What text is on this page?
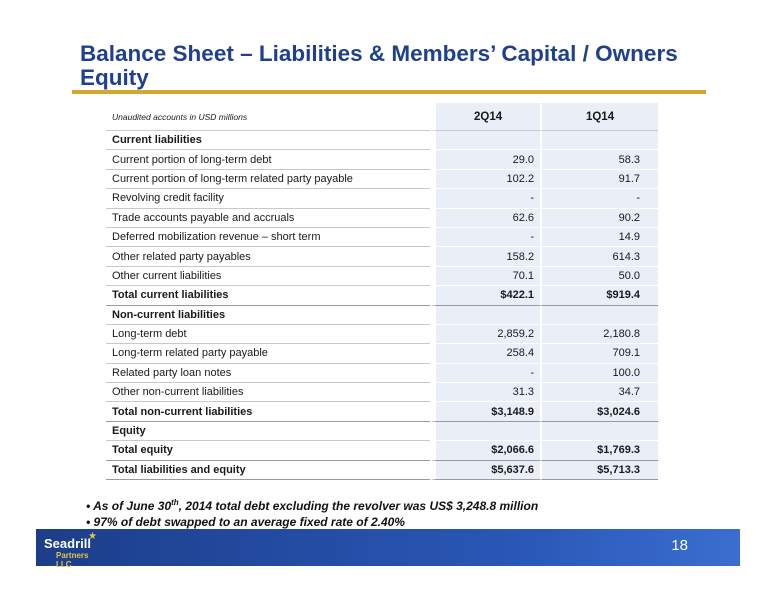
Balance Sheet – Liabilities & Members’ Capital / Owners Equity
Unaudited accounts in USD millions	2Q14	1Q14
Current liabilities		
Current portion of long-term debt	29.0	58.3
Current portion of long-term related party payable	102.2	91.7
Revolving credit facility	-	-
Trade accounts payable and accruals	62.6	90.2
Deferred mobilization revenue – short term	-	14.9
Other related party payables	158.2	614.3
Other current liabilities	70.1	50.0
Total current liabilities	$422.1	$919.4
Non-current liabilities		
Long-term debt	2,859.2	2,180.8
Long-term related party payable	258.4	709.1
Related party loan notes	-	100.0
Other non-current liabilities	31.3	34.7
Total non-current liabilities	$3,148.9	$3,024.6
Equity		
Total equity	$2,066.6	$1,769.3
Total liabilities and equity	$5,637.6	$5,713.3
• As of June 30th, 2014 total debt excluding the revolver was US$ 3,248.8 million
• 97% of debt swapped to an average fixed rate of 2.40%
Seadrill
★
Partners LLC
18
